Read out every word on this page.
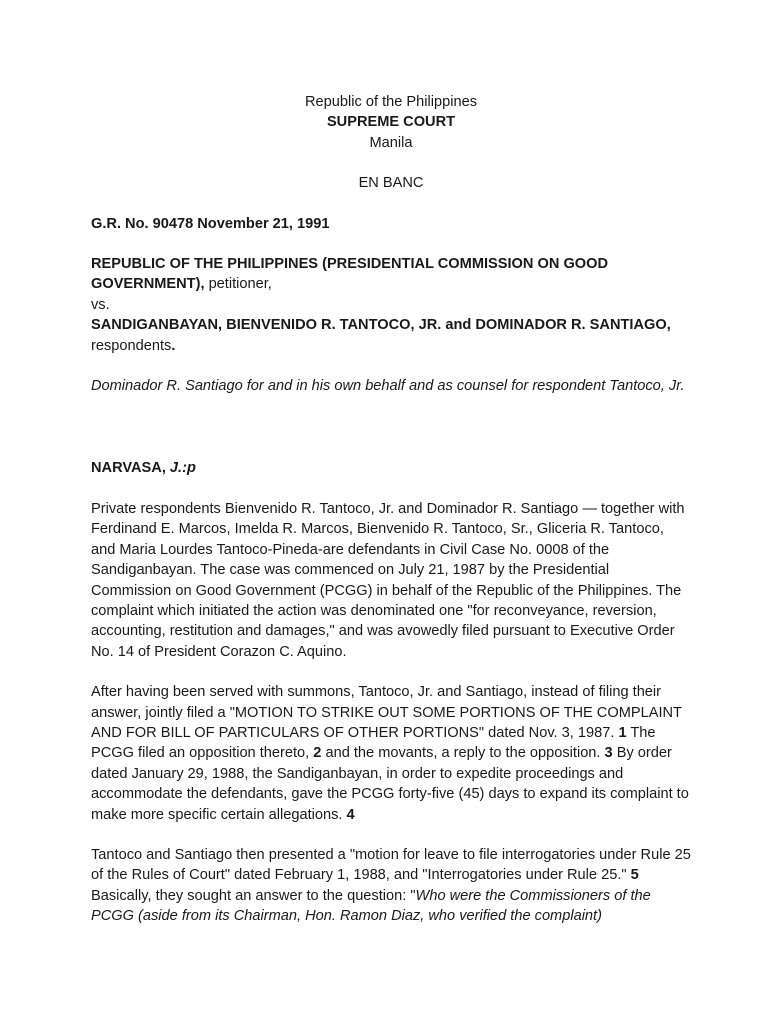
Republic of the Philippines
SUPREME COURT
Manila
EN BANC

G.R. No. 90478 November 21, 1991

REPUBLIC OF THE PHILIPPINES (PRESIDENTIAL COMMISSION ON GOOD GOVERNMENT), petitioner,
vs.
SANDIGANBAYAN, BIENVENIDO R. TANTOCO, JR. and DOMINADOR R. SANTIAGO, respondents.

Dominador R. Santiago for and in his own behalf and as counsel for respondent Tantoco, Jr.

NARVASA, J.:p

Private respondents Bienvenido R. Tantoco, Jr. and Dominador R. Santiago — together with Ferdinand E. Marcos, Imelda R. Marcos, Bienvenido R. Tantoco, Sr., Gliceria R. Tantoco, and Maria Lourdes Tantoco-Pineda-are defendants in Civil Case No. 0008 of the Sandiganbayan. The case was commenced on July 21, 1987 by the Presidential Commission on Good Government (PCGG) in behalf of the Republic of the Philippines. The complaint which initiated the action was denominated one "for reconveyance, reversion, accounting, restitution and damages," and was avowedly filed pursuant to Executive Order No. 14 of President Corazon C. Aquino.

After having been served with summons, Tantoco, Jr. and Santiago, instead of filing their answer, jointly filed a "MOTION TO STRIKE OUT SOME PORTIONS OF THE COMPLAINT AND FOR BILL OF PARTICULARS OF OTHER PORTIONS" dated Nov. 3, 1987. 1 The PCGG filed an opposition thereto, 2 and the movants, a reply to the opposition. 3 By order dated January 29, 1988, the Sandiganbayan, in order to expedite proceedings and accommodate the defendants, gave the PCGG forty-five (45) days to expand its complaint to make more specific certain allegations. 4

Tantoco and Santiago then presented a "motion for leave to file interrogatories under Rule 25 of the Rules of Court" dated February 1, 1988, and "Interrogatories under Rule 25." 5 Basically, they sought an answer to the question: "Who were the Commissioners of the PCGG (aside from its Chairman, Hon. Ramon Diaz, who verified the complaint)
